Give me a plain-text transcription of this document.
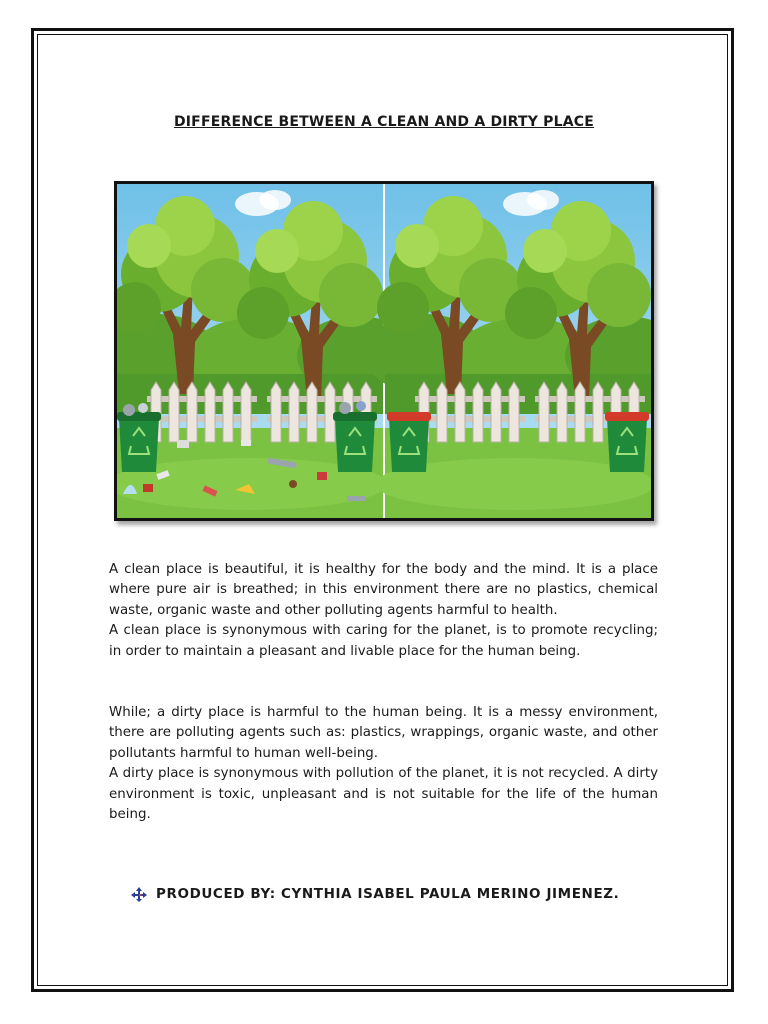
DIFFERENCE BETWEEN A CLEAN AND A DIRTY PLACE

A clean place is beautiful, it is healthy for the body and the mind. It is a place where pure air is breathed; in this environment there are no plastics, chemical waste, organic waste and other polluting agents harmful to health.

A clean place is synonymous with caring for the planet, is to promote recycling; in order to maintain a pleasant and livable place for the human being.

While; a dirty place is harmful to the human being. It is a messy environment, there are polluting agents such as: plastics, wrappings, organic waste, and other pollutants harmful to human well-being.

A dirty place is synonymous with pollution of the planet, it is not recycled. A dirty environment is toxic, unpleasant and is not suitable for the life of the human being.

PRODUCED BY: CYNTHIA ISABEL PAULA MERINO JIMENEZ.
